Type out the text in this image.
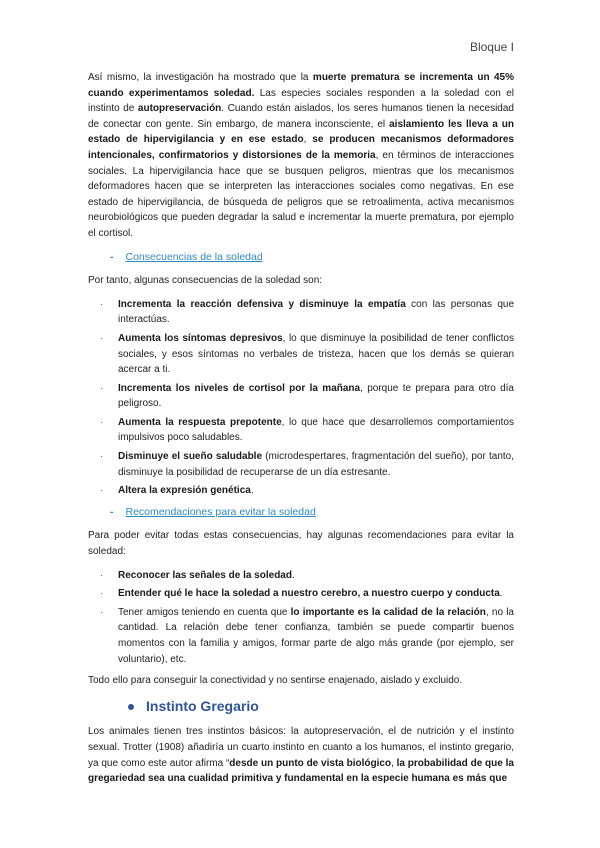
Bloque I

Así mismo, la investigación ha mostrado que la muerte prematura se incrementa un 45% cuando experimentamos soledad. Las especies sociales responden a la soledad con el instinto de autopreservación. Cuando están aislados, los seres humanos tienen la necesidad de conectar con gente. Sin embargo, de manera inconsciente, el aislamiento les lleva a un estado de hipervigilancia y en ese estado, se producen mecanismos deformadores intencionales, confirmatorios y distorsiones de la memoria, en términos de interacciones sociales. La hipervigilancia hace que se busquen peligros, mientras que los mecanismos deformadores hacen que se interpreten las interacciones sociales como negativas. En ese estado de hipervigilancia, de búsqueda de peligros que se retroalimenta, activa mecanismos neurobiológicos que pueden degradar la salud e incrementar la muerte prematura, por ejemplo el cortisol.

- Consecuencias de la soledad

Por tanto, algunas consecuencias de la soledad son:

· Incrementa la reacción defensiva y disminuye la empatía con las personas que interactúas.
· Aumenta los síntomas depresivos, lo que disminuye la posibilidad de tener conflictos sociales, y esos síntomas no verbales de tristeza, hacen que los demás se quieran acercar a ti.
· Incrementa los niveles de cortisol por la mañana, porque te prepara para otro día peligroso.
· Aumenta la respuesta prepotente, lo que hace que desarrollemos comportamientos impulsivos poco saludables.
· Disminuye el sueño saludable (microdespertares, fragmentación del sueño), por tanto, disminuye la posibilidad de recuperarse de un día estresante.
· Altera la expresión genética.
- Recomendaciones para evitar la soledad

Para poder evitar todas estas consecuencias, hay algunas recomendaciones para evitar la soledad:

· Reconocer las señales de la soledad.
· Entender qué le hace la soledad a nuestro cerebro, a nuestro cuerpo y conducta.
· Tener amigos teniendo en cuenta que lo importante es la calidad de la relación, no la cantidad. La relación debe tener confianza, también se puede compartir buenos momentos con la familia y amigos, formar parte de algo más grande (por ejemplo, ser voluntario), etc.

Todo ello para conseguir la conectividad y no sentirse enajenado, aislado y excluido.

Instinto Gregario

Los animales tienen tres instintos básicos: la autopreservación, el de nutrición y el instinto sexual. Trotter (1908) añadiría un cuarto instinto en cuanto a los humanos, el instinto gregario, ya que como este autor afirma “desde un punto de vista biológico, la probabilidad de que la gregariedad sea una cualidad primitiva y fundamental en la especie humana es más que
